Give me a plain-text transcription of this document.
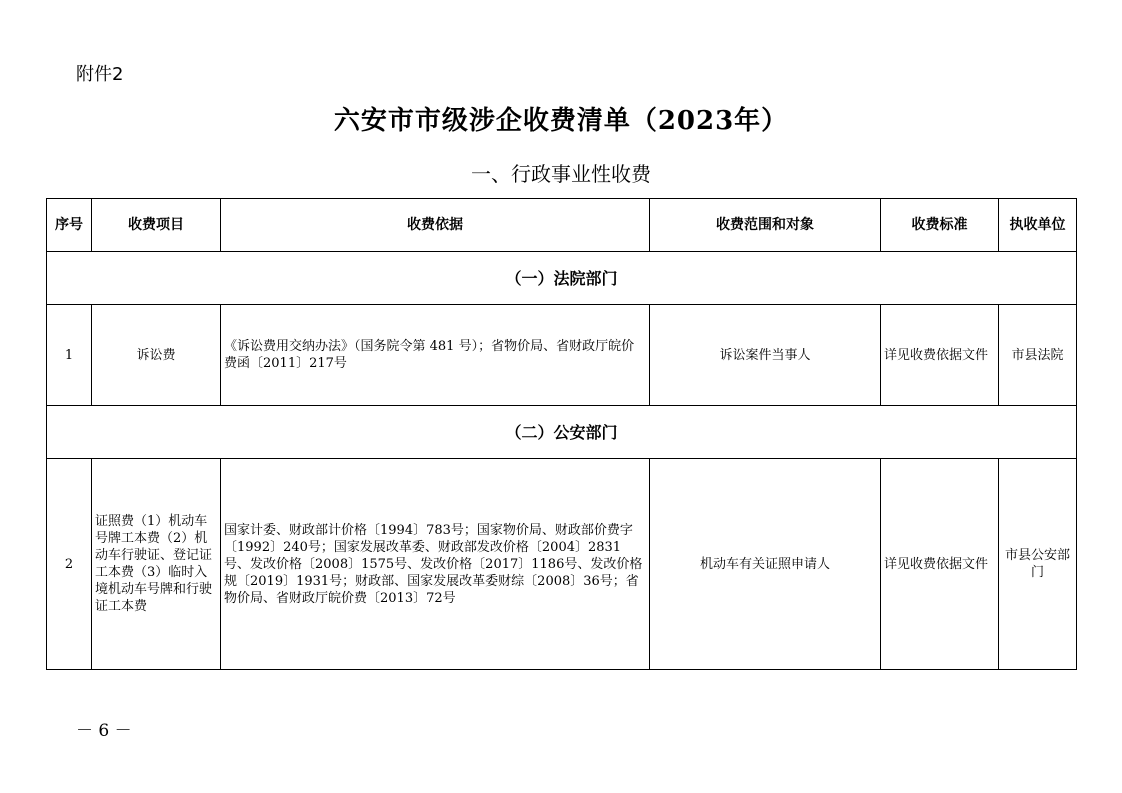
附件2
六安市市级涉企收费清单（2023年）
一、行政事业性收费
序号	收费项目	收费依据	收费范围和对象	收费标准	执收单位
（一）法院部门					
1	诉讼费	《诉讼费用交纳办法》（国务院令第 481 号）；省物价局、省财政厅皖价费函〔2011〕217号	诉讼案件当事人	详见收费依据文件	市县法院
（二）公安部门					
2	证照费（1）机动车号牌工本费（2）机动车行驶证、登记证工本费（3）临时入境机动车号牌和行驶证工本费	国家计委、财政部计价格〔1994〕783号；国家物价局、财政部价费字〔1992〕240号；国家发展改革委、财政部发改价格〔2004〕2831号、发改价格〔2008〕1575号、发改价格〔2017〕1186号、发改价格规〔2019〕1931号；财政部、国家发展改革委财综〔2008〕36号；省物价局、省财政厅皖价费〔2013〕72号	机动车有关证照申请人	详见收费依据文件	市县公安部门
－ 6 －
